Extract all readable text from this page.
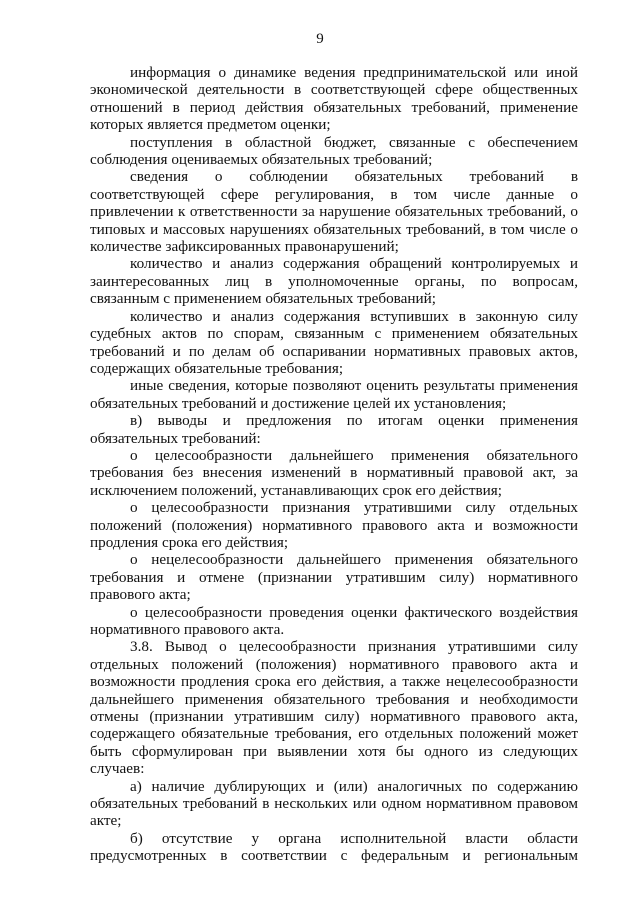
9

информация о динамике ведения предпринимательской или иной экономической деятельности в соответствующей сфере общественных отношений в период действия обязательных требований, применение которых является предметом оценки;

поступления в областной бюджет, связанные с обеспечением соблюдения оцениваемых обязательных требований;

сведения о соблюдении обязательных требований в соответствующей сфере регулирования, в том числе данные о привлечении к ответственности за нарушение обязательных требований, о типовых и массовых нарушениях обязательных требований, в том числе о количестве зафиксированных правонарушений;

количество и анализ содержания обращений контролируемых и заинтересованных лиц в уполномоченные органы, по вопросам, связанным с применением обязательных требований;

количество и анализ содержания вступивших в законную силу судебных актов по спорам, связанным с применением обязательных требований и по делам об оспаривании нормативных правовых актов, содержащих обязательные требования;

иные сведения, которые позволяют оценить результаты применения обязательных требований и достижение целей их установления;

в) выводы и предложения по итогам оценки применения обязательных требований:

о целесообразности дальнейшего применения обязательного требования без внесения изменений в нормативный правовой акт, за исключением положений, устанавливающих срок его действия;

о целесообразности признания утратившими силу отдельных положений (положения) нормативного правового акта и возможности продления срока его действия;

о нецелесообразности дальнейшего применения обязательного требования и отмене (признании утратившим силу) нормативного правового акта;

о целесообразности проведения оценки фактического воздействия нормативного правового акта.

3.8. Вывод о целесообразности признания утратившими силу отдельных положений (положения) нормативного правового акта и возможности продления срока его действия, а также нецелесообразности дальнейшего применения обязательного требования и необходимости отмены (признании утратившим силу) нормативного правового акта, содержащего обязательные требования, его отдельных положений может быть сформулирован при выявлении хотя бы одного из следующих случаев:

а) наличие дублирующих и (или) аналогичных по содержанию обязательных требований в нескольких или одном нормативном правовом акте;

б) отсутствие у органа исполнительной власти области предусмотренных в соответствии с федеральным и региональным
